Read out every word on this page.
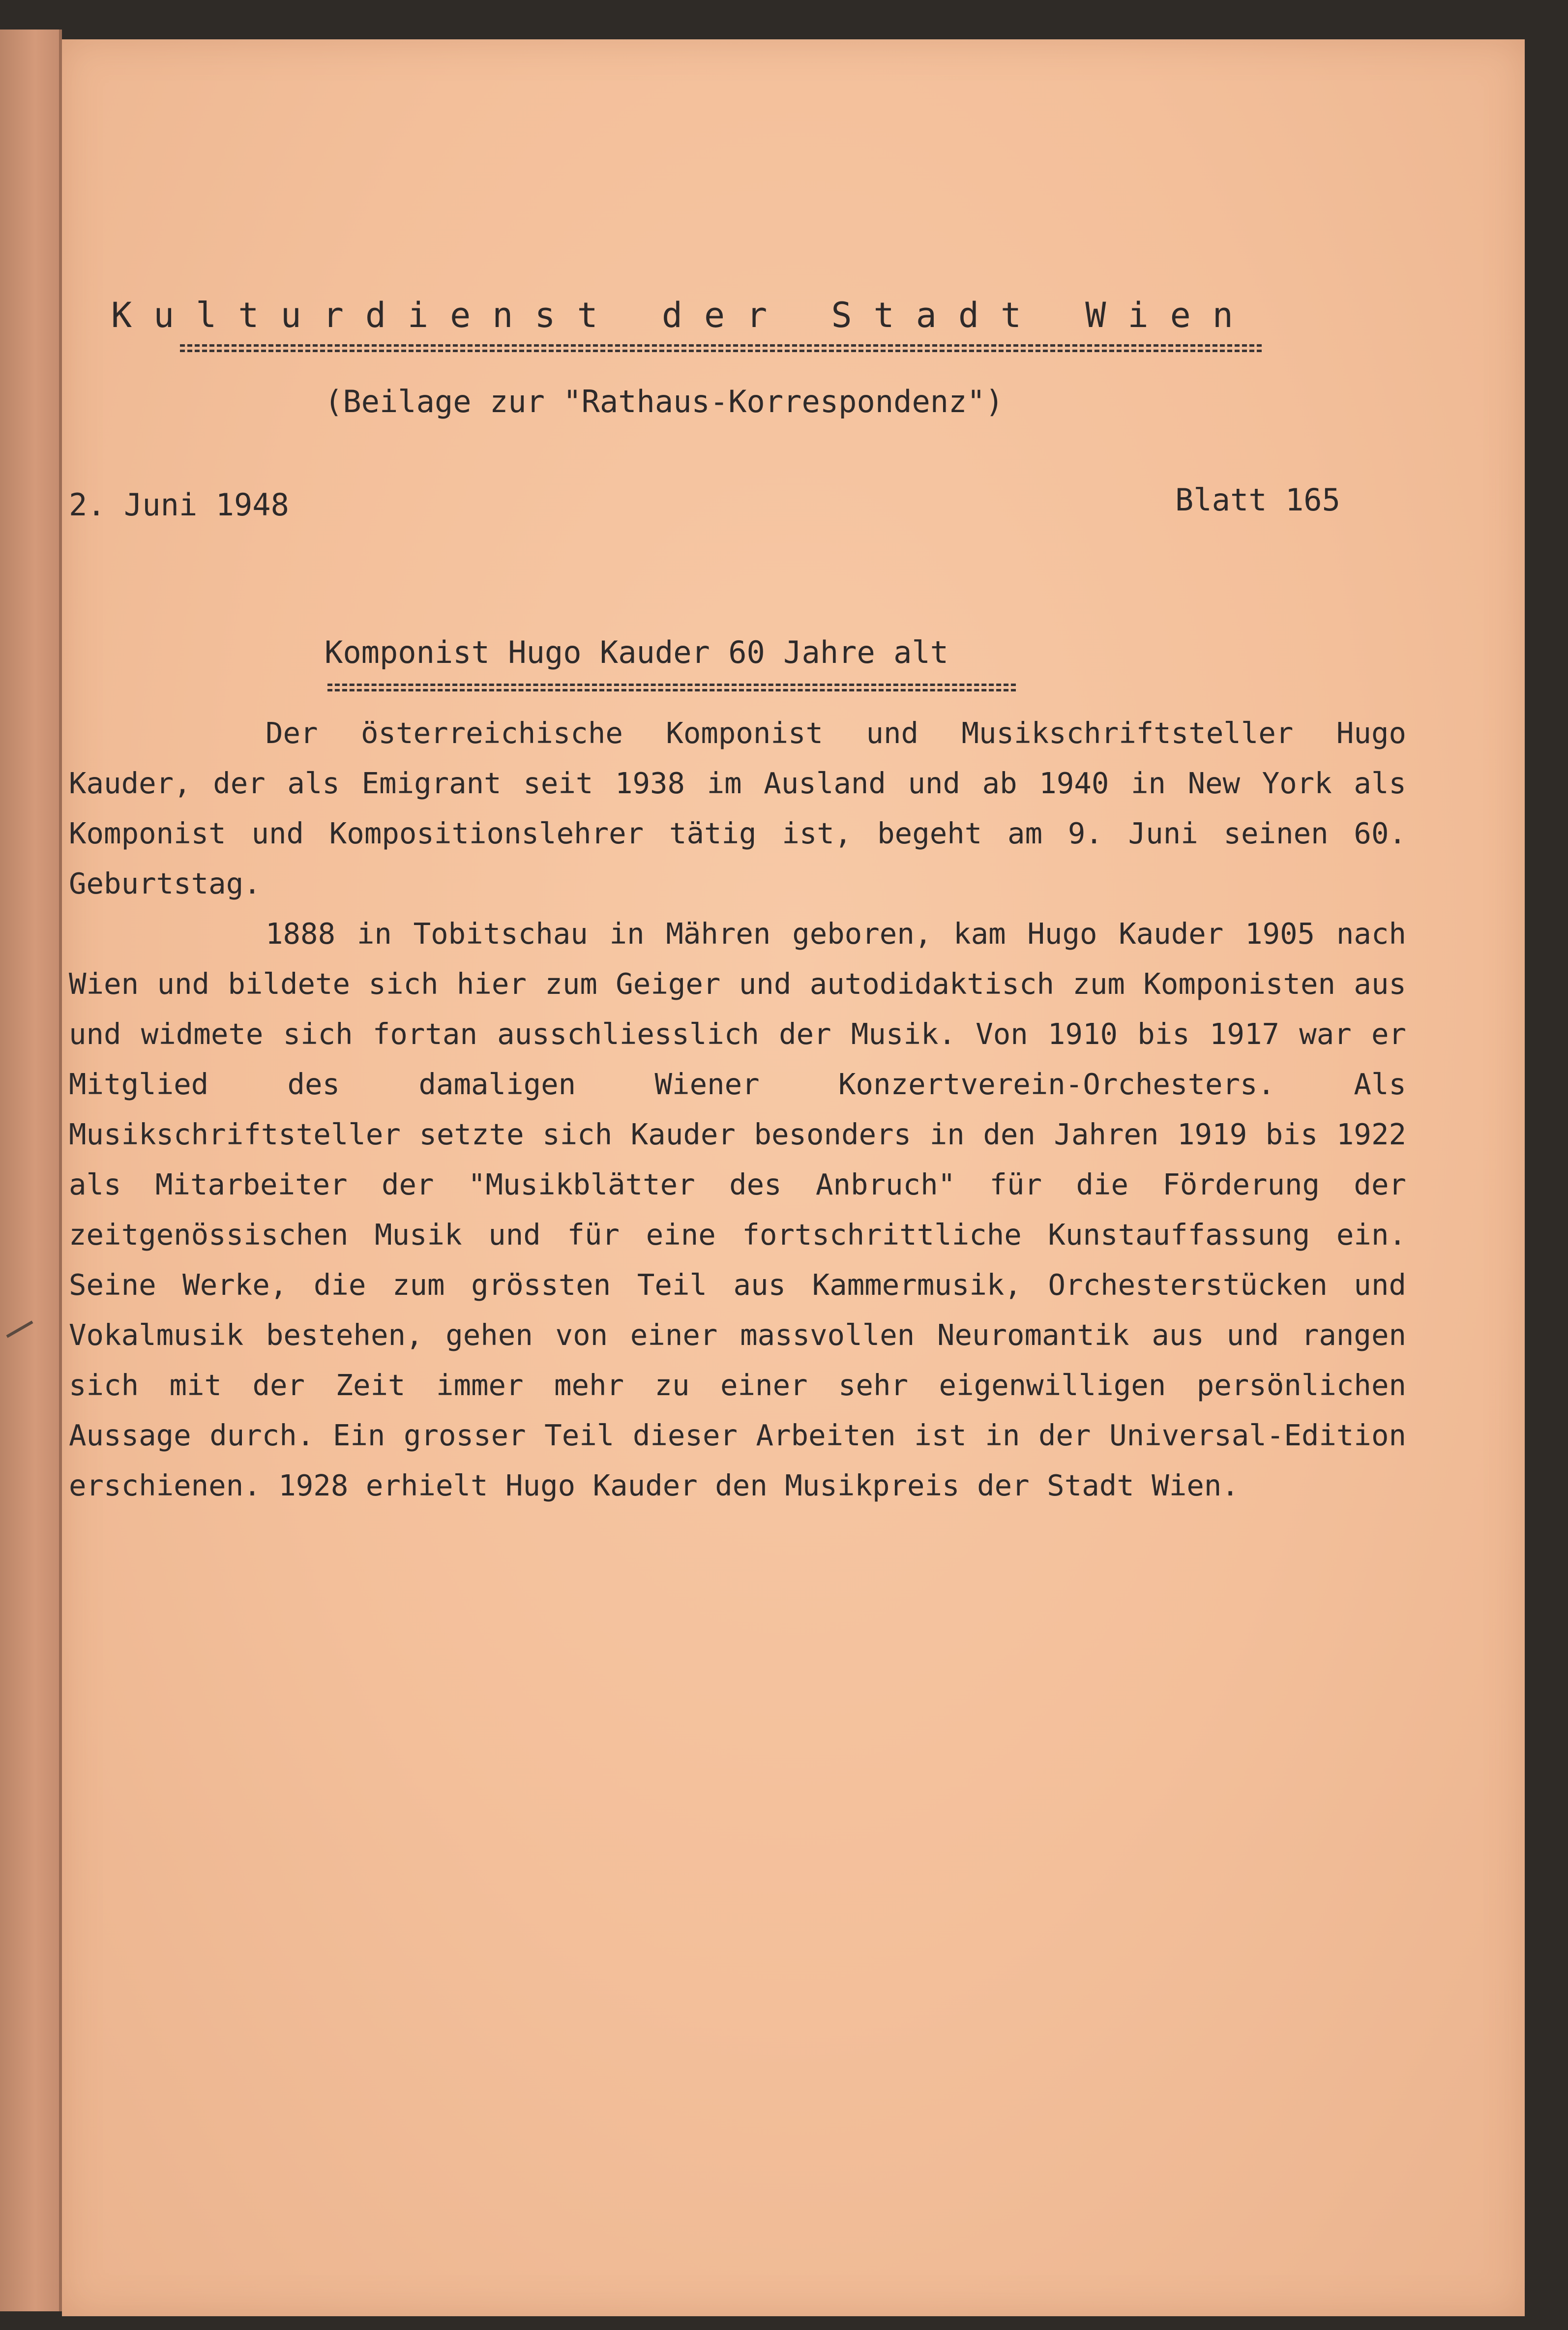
Kulturdienst der Stadt Wien
(Beilage zur "Rathaus-Korrespondenz")
2. Juni 1948	Blatt 165
Komponist Hugo Kauder 60 Jahre alt

Der österreichische Komponist und Musikschriftsteller Hugo Kauder, der als Emigrant seit 1938 im Ausland und ab 1940 in New York als Komponist und Kompositionslehrer tätig ist, begeht am 9. Juni seinen 60. Geburtstag.

1888 in Tobitschau in Mähren geboren, kam Hugo Kauder 1905 nach Wien und bildete sich hier zum Geiger und autodidaktisch zum Komponisten aus und widmete sich fortan ausschliesslich der Musik. Von 1910 bis 1917 war er Mitglied des damaligen Wiener Konzertverein-Orchesters. Als Musikschriftsteller setzte sich Kauder besonders in den Jahren 1919 bis 1922 als Mitarbeiter der "Musikblätter des Anbruch" für die Förderung der zeitgenössischen Musik und für eine fortschrittliche Kunstauffassung ein. Seine Werke, die zum grössten Teil aus Kammermusik, Orchesterstücken und Vokalmusik bestehen, gehen von einer massvollen Neuromantik aus und rangen sich mit der Zeit immer mehr zu einer sehr eigenwilligen persönlichen Aussage durch. Ein grosser Teil dieser Arbeiten ist in der Universal-Edition erschienen. 1928 erhielt Hugo Kauder den Musikpreis der Stadt Wien.
